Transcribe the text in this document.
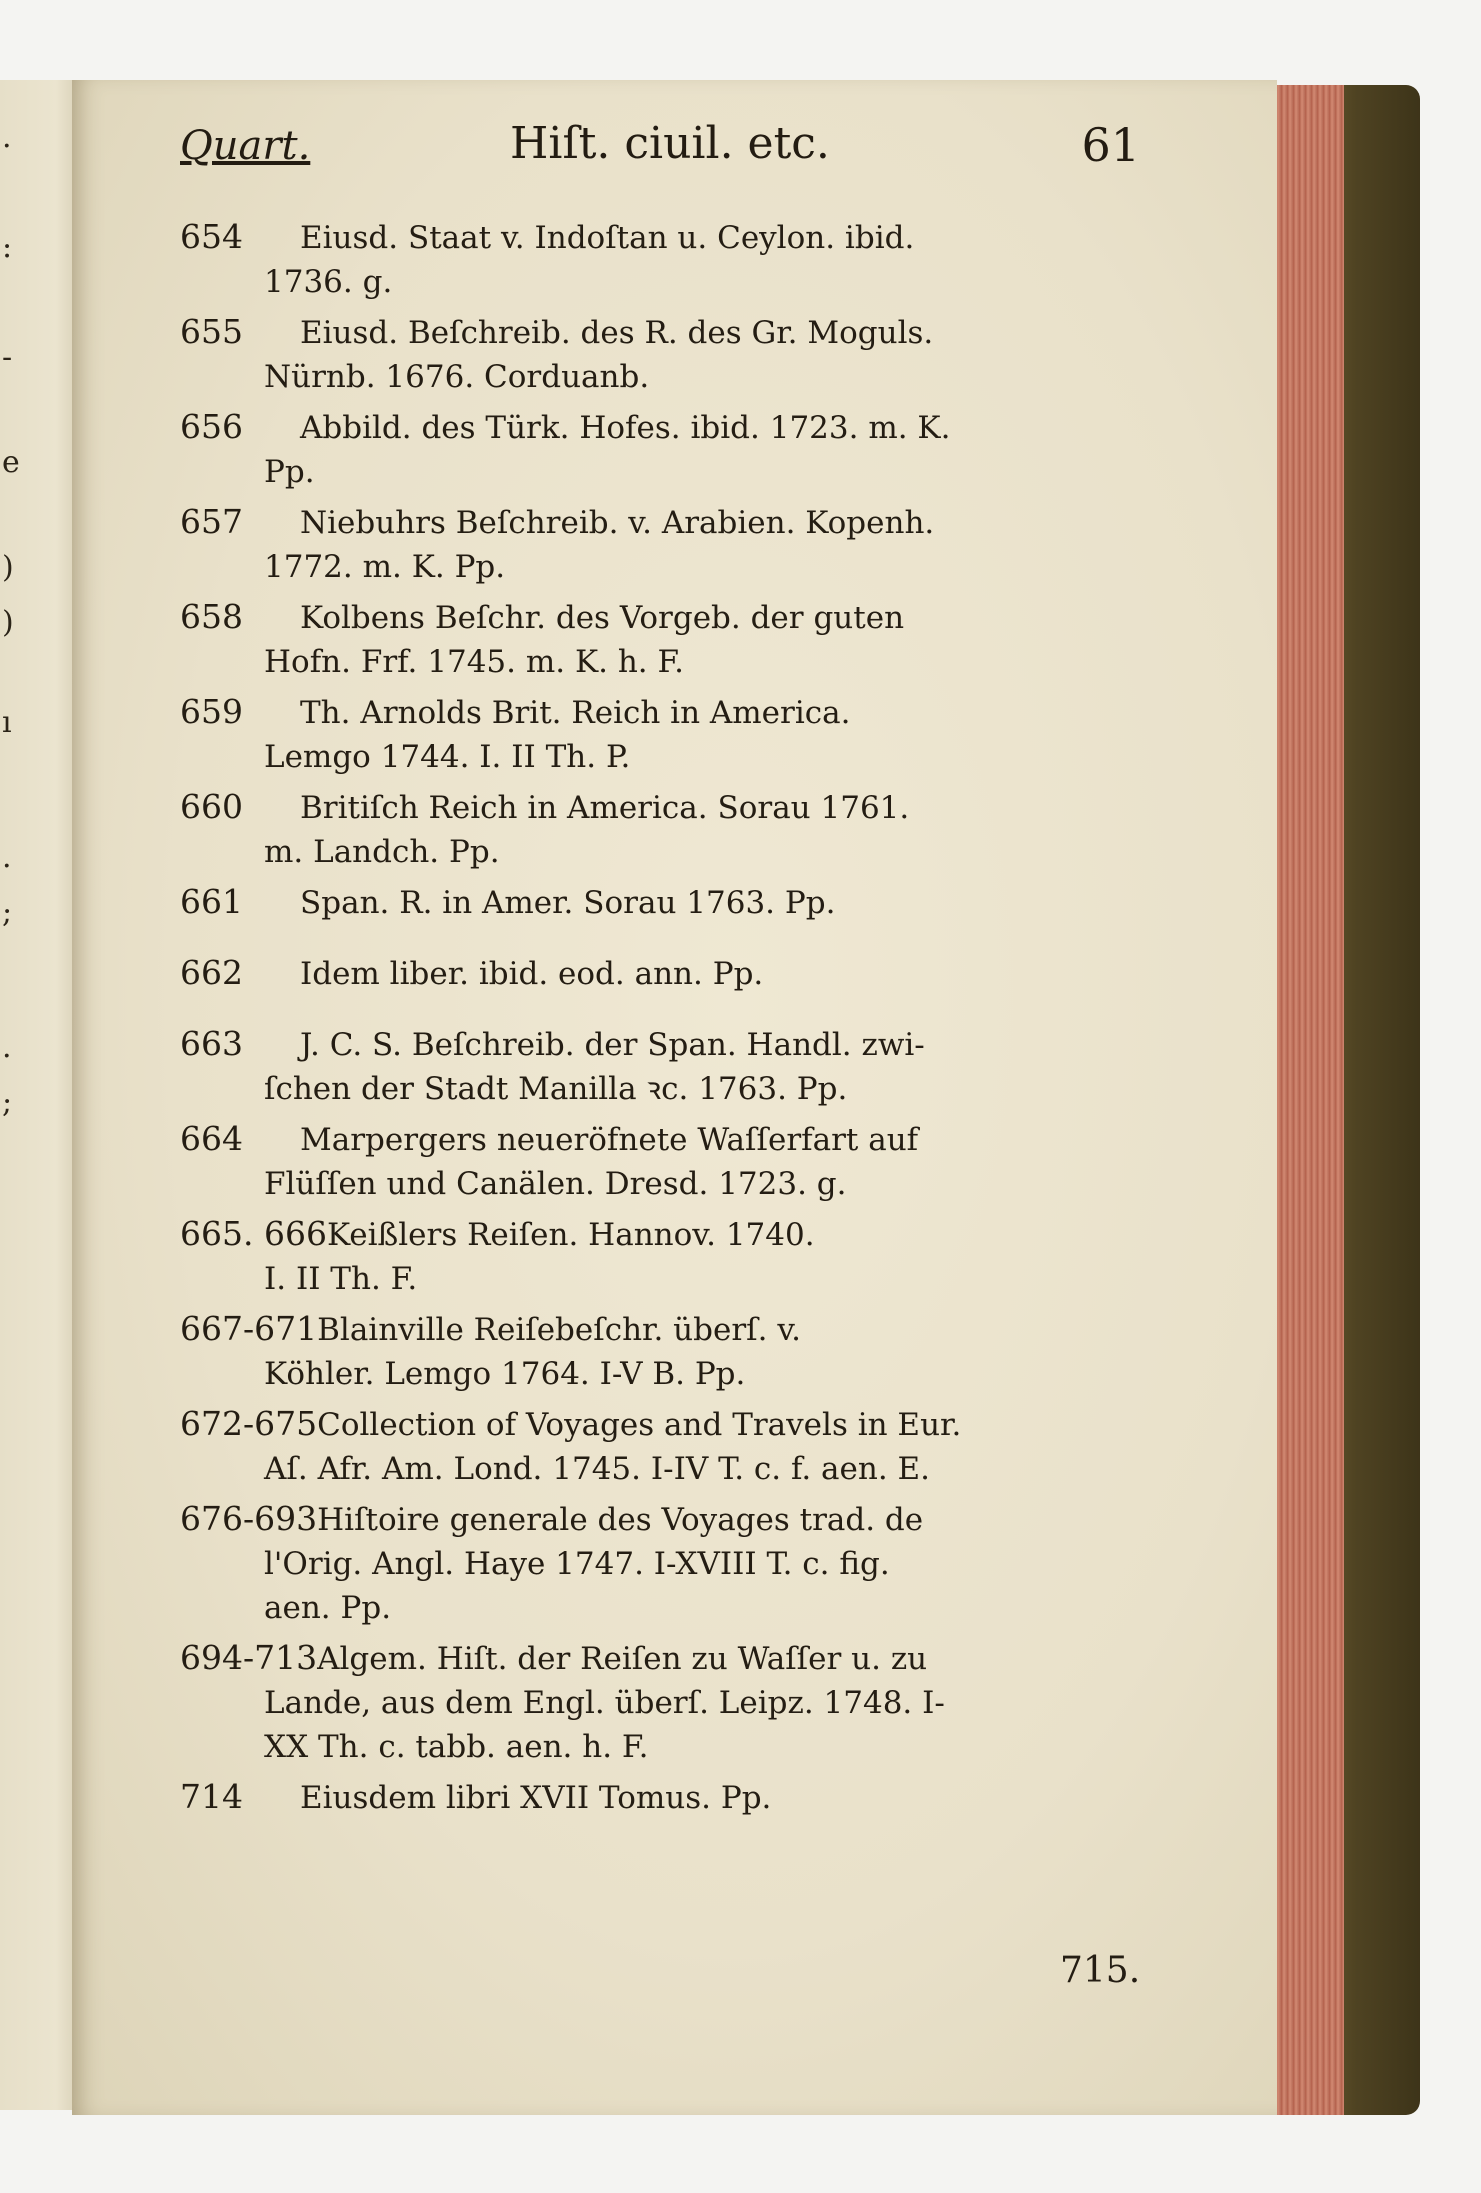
.
:
-
e
)
)
ı
.
;
.
;
Quart.	Hiſt. ciuil. etc.	61
654 Eiusd. Staat v. Indoſtan u. Ceylon. ibid.
1736. g.
655 Eiusd. Beſchreib. des R. des Gr. Moguls.
Nürnb. 1676. Corduanb.
656 Abbild. des Türk. Hofes. ibid. 1723. m. K.
Pp.
657 Niebuhrs Beſchreib. v. Arabien. Kopenh.
1772. m. K. Pp.
658 Kolbens Beſchr. des Vorgeb. der guten
Hofn. Frf. 1745. m. K. h. F.
659 Th. Arnolds Brit. Reich in America.
Lemgo 1744. I. II Th. P.
660 Britiſch Reich in America. Sorau 1761.
m. Landch. Pp.
661 Span. R. in Amer. Sorau 1763. Pp.
662 Idem liber. ibid. eod. ann. Pp.
663 J. C. S. Beſchreib. der Span. Handl. zwi-
ſchen der Stadt Manilla ꝛc. 1763. Pp.
664 Marpergers neueröfnete Waſſerfart auf
Flüſſen und Canälen. Dresd. 1723. g.
665. 666Keißlers Reiſen. Hannov. 1740.
I. II Th. F.
667-671Blainville Reiſebeſchr. überſ. v.
Köhler. Lemgo 1764. I-V B. Pp.
672-675Collection of Voyages and Travels in Eur.
Aſ. Afr. Am. Lond. 1745. I-IV T. c. f. aen. E.
676-693Hiſtoire generale des Voyages trad. de
l'Orig. Angl. Haye 1747. I-XVIII T. c. fig.
aen. Pp.
694-713Algem. Hiſt. der Reiſen zu Waſſer u. zu
Lande, aus dem Engl. überſ. Leipz. 1748. I-
XX Th. c. tabb. aen. h. F.
714 Eiusdem libri XVII Tomus. Pp.
715.
